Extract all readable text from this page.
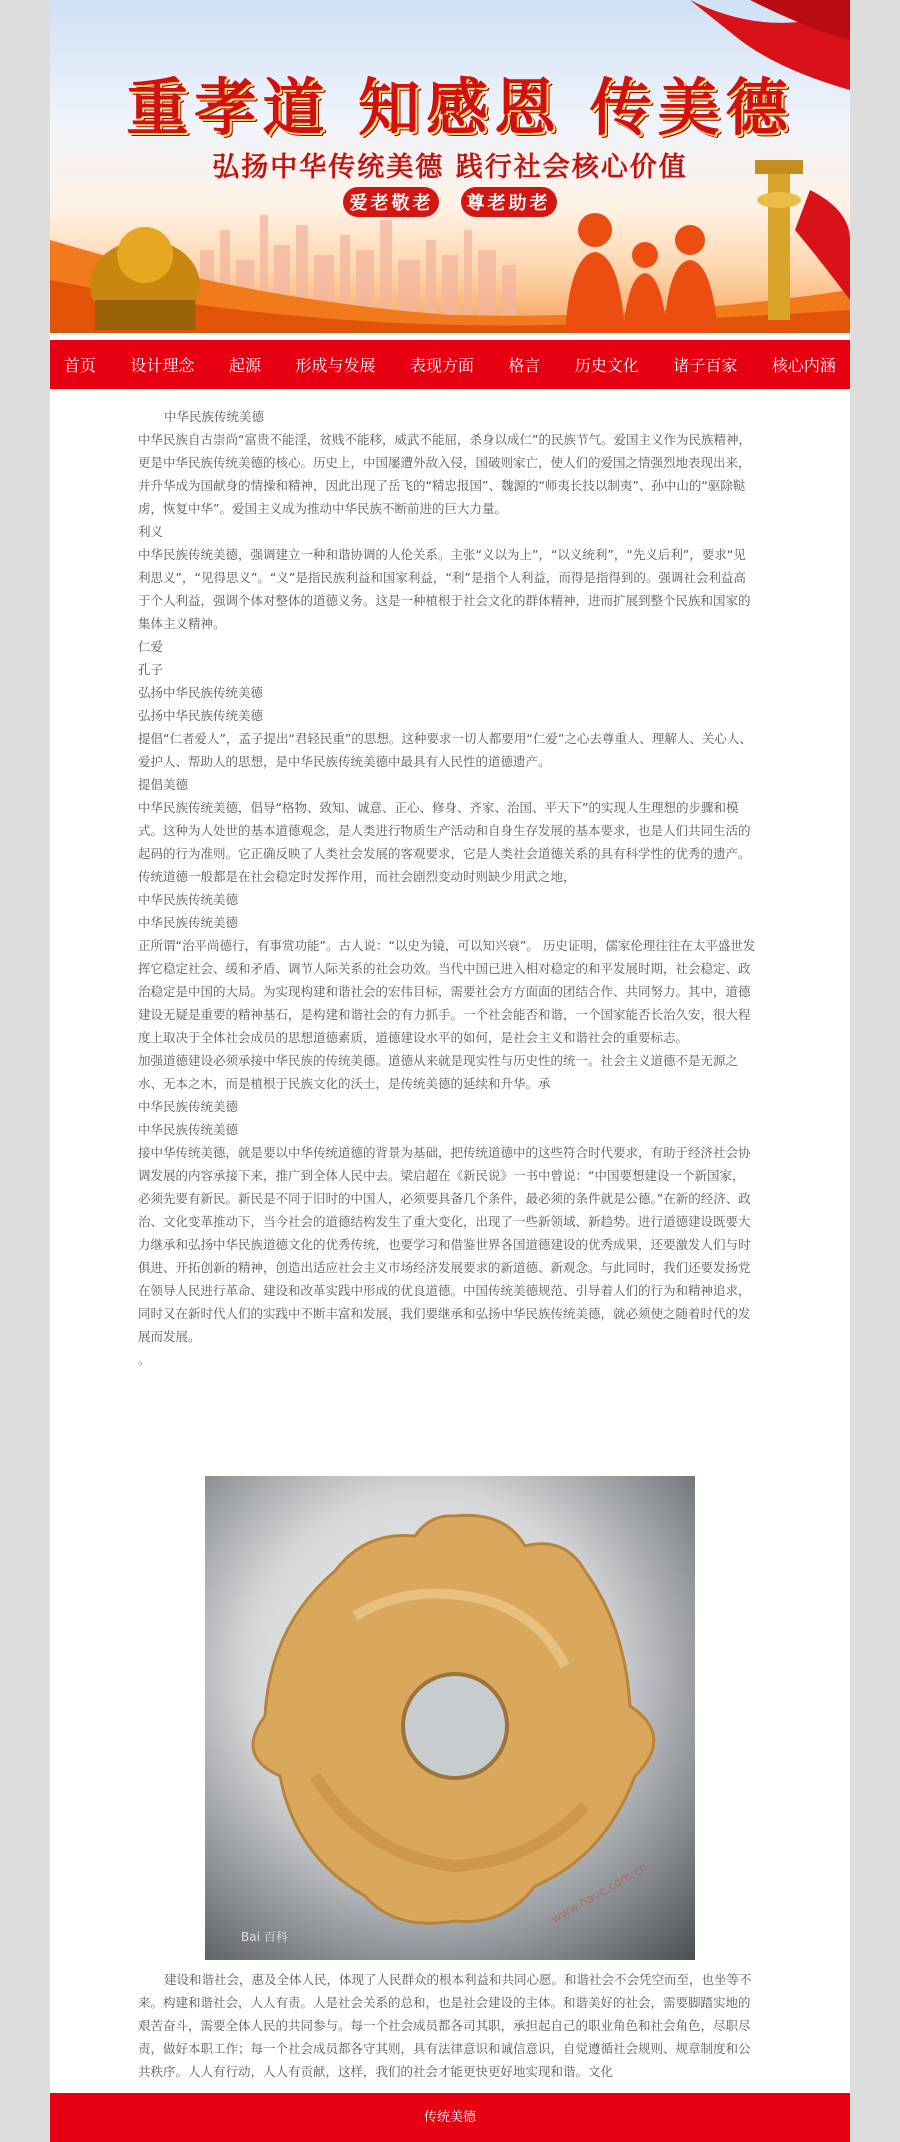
重孝道 知感恩 传美德
弘扬中华传统美德 践行社会核心价值
爱老敬老 尊老助老
首页	设计理念	起源	形成与发展	表现方面	格言	历史文化	诸子百家	核心内涵

中华民族传统美德

中华民族自古崇尚“富贵不能淫，贫贱不能移，威武不能屈，杀身以成仁”的民族节气。爱国主义作为民族精神，更是中华民族传统美德的核心。历史上，中国屡遭外敌入侵，国破则家亡，使人们的爱国之情强烈地表现出来，并升华成为国献身的情操和精神，因此出现了岳飞的“精忠报国”、魏源的“师夷长技以制夷”、孙中山的“驱除鞑虏，恢复中华”。爱国主义成为推动中华民族不断前进的巨大力量。

利义

中华民族传统美德，强调建立一种和谐协调的人伦关系。主张“义以为上”，“以义统利”，“先义后利”，要求“见利思义”，“见得思义”。“义”是指民族利益和国家利益，“利”是指个人利益，而得是指得到的。强调社会利益高于个人利益，强调个体对整体的道德义务。这是一种植根于社会文化的群体精神，进而扩展到整个民族和国家的集体主义精神。

仁爱

孔子

弘扬中华民族传统美德

弘扬中华民族传统美德

提倡“仁者爱人”，孟子提出“君轻民重”的思想。这种要求一切人都要用“仁爱”之心去尊重人、理解人、关心人、爱护人、帮助人的思想，是中华民族传统美德中最具有人民性的道德遗产。

提倡美德

中华民族传统美德，倡导“格物、致知、诚意、正心、修身、齐家、治国、平天下”的实现人生理想的步骤和模式。这种为人处世的基本道德观念，是人类进行物质生产活动和自身生存发展的基本要求，也是人们共同生活的起码的行为准则。它正确反映了人类社会发展的客观要求，它是人类社会道德关系的具有科学性的优秀的遗产。

传统道德一般都是在社会稳定时发挥作用，而社会剧烈变动时则缺少用武之地，

中华民族传统美德

中华民族传统美德

正所谓“治平尚德行，有事赏功能”。古人说：“以史为镜，可以知兴衰”。 历史证明，儒家伦理往往在太平盛世发挥它稳定社会、缓和矛盾、调节人际关系的社会功效。当代中国已进入相对稳定的和平发展时期，社会稳定、政治稳定是中国的大局。为实现构建和谐社会的宏伟目标，需要社会方方面面的团结合作、共同努力。其中，道德建设无疑是重要的精神基石，是构建和谐社会的有力抓手。一个社会能否和谐，一个国家能否长治久安，很大程度上取决于全体社会成员的思想道德素质，道德建设水平的如何，是社会主义和谐社会的重要标志。

加强道德建设必须承接中华民族的传统美德。道德从来就是现实性与历史性的统一。社会主义道德不是无源之水、无本之木，而是植根于民族文化的沃土，是传统美德的延续和升华。承

中华民族传统美德

中华民族传统美德

接中华传统美德，就是要以中华传统道德的背景为基础，把传统道德中的这些符合时代要求，有助于经济社会协调发展的内容承接下来，推广到全体人民中去。梁启超在《新民说》一书中曾说：“中国要想建设一个新国家，必须先要有新民。新民是不同于旧时的中国人，必须要具备几个条件，最必须的条件就是公德。”在新的经济、政治、文化变革推动下，当今社会的道德结构发生了重大变化，出现了一些新领域、新趋势。进行道德建设既要大力继承和弘扬中华民族道德文化的优秀传统，也要学习和借鉴世界各国道德建设的优秀成果，还要激发人们与时俱进、开拓创新的精神，创造出适应社会主义市场经济发展要求的新道德、新观念。与此同时，我们还要发扬党在领导人民进行革命、建设和改革实践中形成的优良道德。中国传统美德规范、引导着人们的行为和精神追求，同时又在新时代人们的实践中不断丰富和发展，我们要继承和弘扬中华民族传统美德，就必须使之随着时代的发展而发展。

。

Bai 百科
www.hauc.com.cn

建设和谐社会，惠及全体人民，体现了人民群众的根本利益和共同心愿。和谐社会不会凭空而至，也坐等不来。构建和谐社会，人人有责。人是社会关系的总和，也是社会建设的主体。和谐美好的社会，需要脚踏实地的艰苦奋斗，需要全体人民的共同参与。每一个社会成员都各司其职，承担起自己的职业角色和社会角色，尽职尽责，做好本职工作；每一个社会成员都各守其则，具有法律意识和诚信意识，自觉遵循社会规则、规章制度和公共秩序。人人有行动，人人有贡献，这样，我们的社会才能更快更好地实现和谐。文化

传统美德
